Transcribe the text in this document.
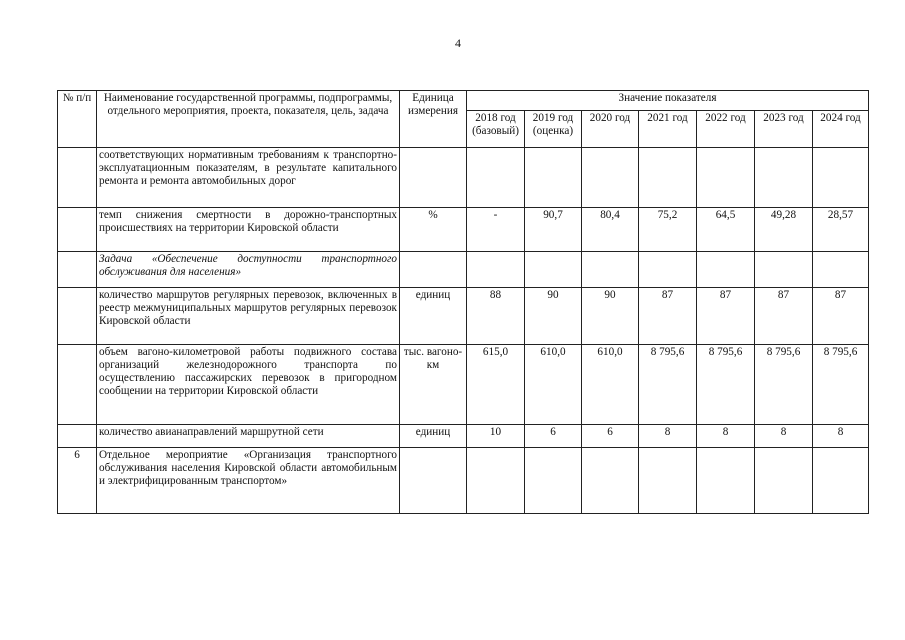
4
№ п/п	Наименование государственной программы, подпрограммы, отдельного мероприятия, проекта, показателя, цель, задача	Единица измерения	Значение показателя						
			2018 год (базовый)	2019 год (оценка)	2020 год	2021 год	2022 год	2023 год	2024 год
	соответствующих нормативным требованиям к транспортно-эксплуатационным показателям, в результате капитального ремонта и ремонта автомобильных дорог								
	темп снижения смертности в дорожно-транспортных происшествиях на территории Кировской области	%	-	90,7	80,4	75,2	64,5	49,28	28,57
	Задача «Обеспечение доступности транспортного обслуживания для населения»								
	количество маршрутов регулярных перевозок, включенных в реестр межмуниципальных маршрутов регулярных перевозок Кировской области	единиц	88	90	90	87	87	87	87
	объем вагоно-километровой работы подвижного состава организаций железнодорожного транспорта по осуществлению пассажирских перевозок в пригородном сообщении на территории Кировской области	тыс. вагоно-км	615,0	610,0	610,0	8 795,6	8 795,6	8 795,6	8 795,6
	количество авианаправлений маршрутной сети	единиц	10	6	6	8	8	8	8
6	Отдельное мероприятие «Организация транспортного обслуживания населения Кировской области автомобильным и электрифицированным транспортом»								
